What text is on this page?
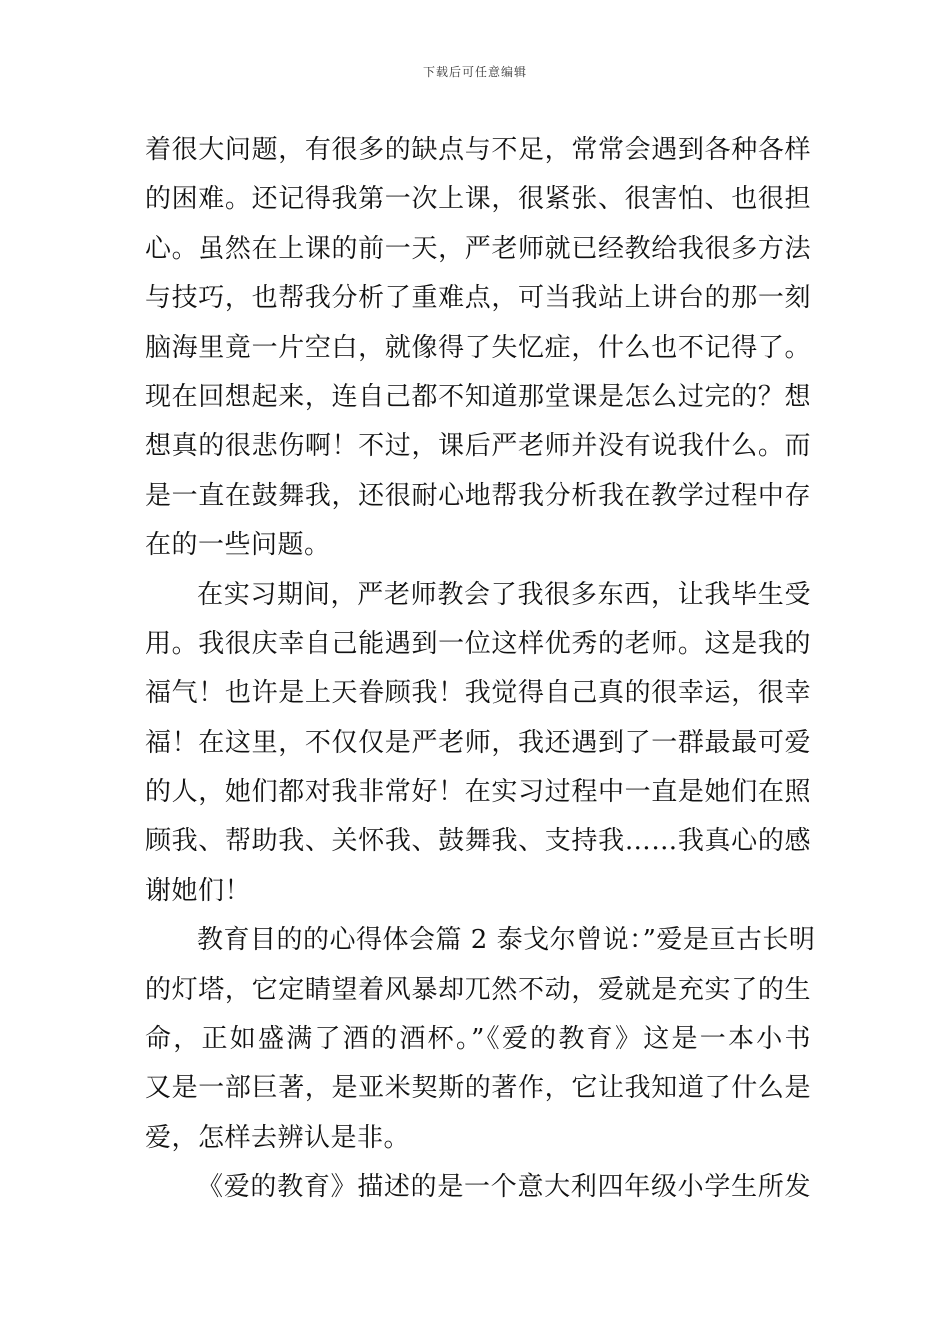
下载后可任意编辑
着很大问题，有很多的缺点与不足，常常会遇到各种各样
的困难。还记得我第一次上课，很紧张、很害怕、也很担
心。虽然在上课的前一天，严老师就已经教给我很多方法
与技巧，也帮我分析了重难点，可当我站上讲台的那一刻
脑海里竟一片空白，就像得了失忆症，什么也不记得了。
现在回想起来，连自己都不知道那堂课是怎么过完的？想
想真的很悲伤啊！不过，课后严老师并没有说我什么。而
是一直在鼓舞我，还很耐心地帮我分析我在教学过程中存
在的一些问题。
在实习期间，严老师教会了我很多东西，让我毕生受
用。我很庆幸自己能遇到一位这样优秀的老师。这是我的
福气！也许是上天眷顾我！我觉得自己真的很幸运，很幸
福！在这里，不仅仅是严老师，我还遇到了一群最最可爱
的人，她们都对我非常好！在实习过程中一直是她们在照
顾我、帮助我、关怀我、鼓舞我、支持我……我真心的感
谢她们！
教育目的的心得体会篇 2 泰戈尔曾说：”爱是亘古长明
的灯塔，它定睛望着风暴却兀然不动，爱就是充实了的生
命，正如盛满了酒的酒杯。”《爱的教育》这是一本小书
又是一部巨著，是亚米契斯的著作，它让我知道了什么是
爱，怎样去辨认是非。
《爱的教育》描述的是一个意大利四年级小学生所发
